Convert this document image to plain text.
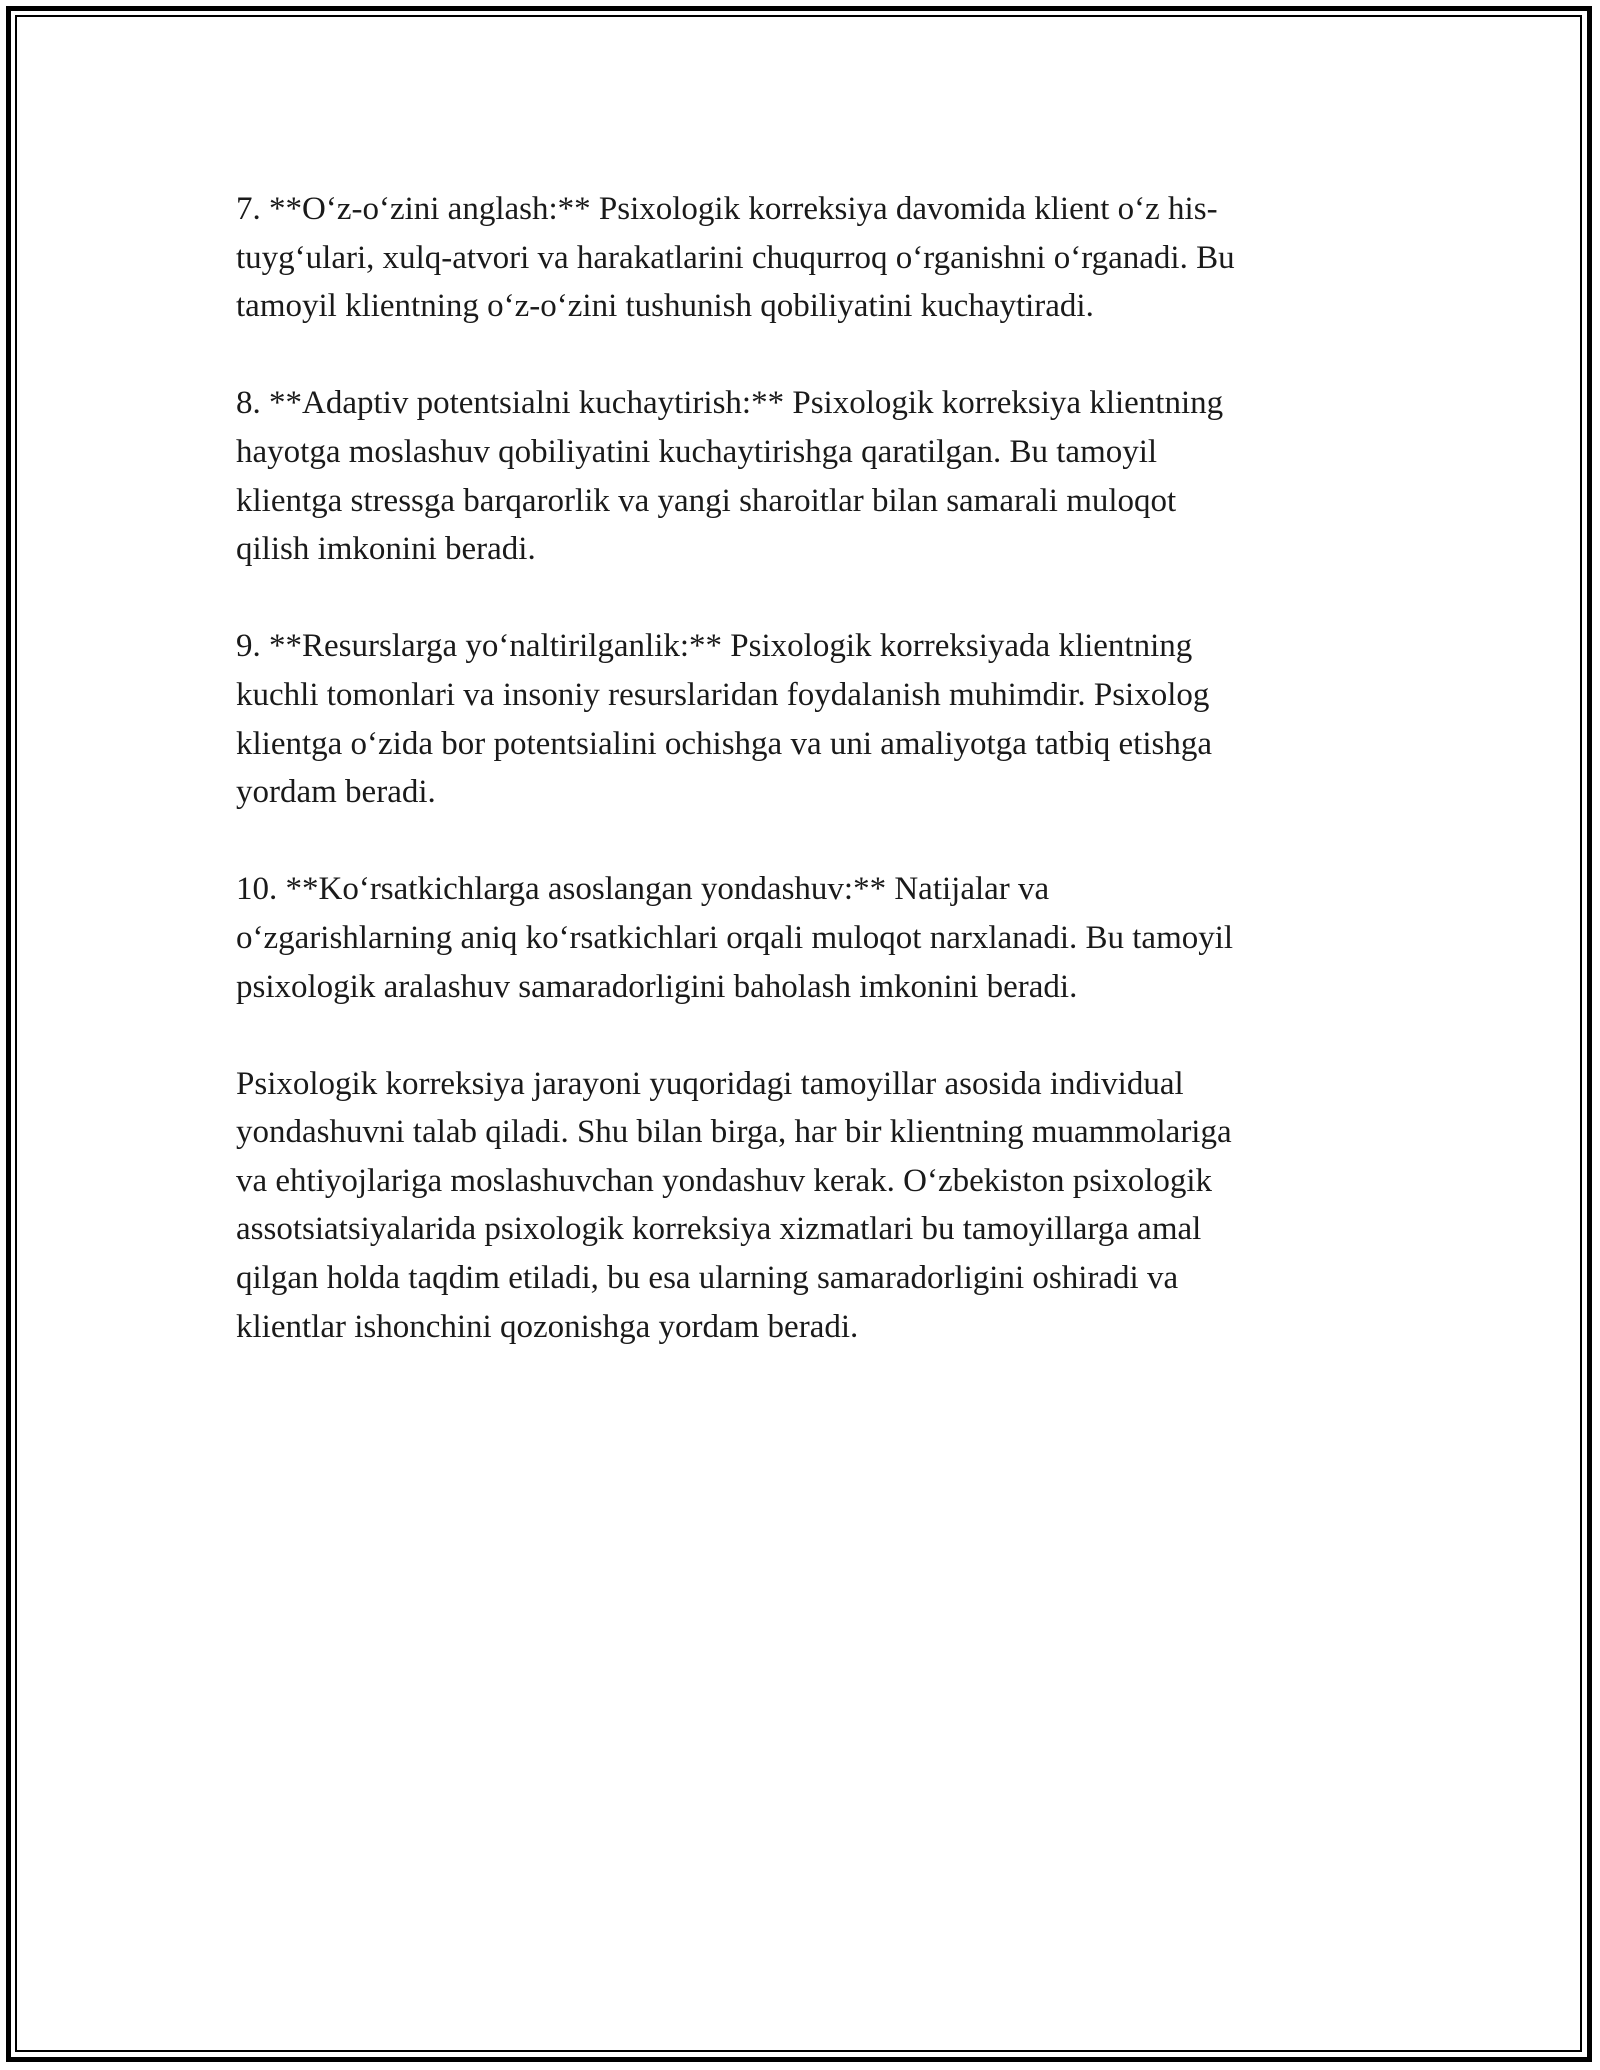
7. **O‘z-o‘zini anglash:** Psixologik korreksiya davomida klient o‘z his-
tuyg‘ulari, xulq-atvori va harakatlarini chuqurroq o‘rganishni o‘rganadi. Bu
tamoyil klientning o‘z-o‘zini tushunish qobiliyatini kuchaytiradi.
8. **Adaptiv potentsialni kuchaytirish:** Psixologik korreksiya klientning
hayotga moslashuv qobiliyatini kuchaytirishga qaratilgan. Bu tamoyil
klientga stressga barqarorlik va yangi sharoitlar bilan samarali muloqot
qilish imkonini beradi.
9. **Resurslarga yo‘naltirilganlik:** Psixologik korreksiyada klientning
kuchli tomonlari va insoniy resurslaridan foydalanish muhimdir. Psixolog
klientga o‘zida bor potentsialini ochishga va uni amaliyotga tatbiq etishga
yordam beradi.
10. **Ko‘rsatkichlarga asoslangan yondashuv:** Natijalar va
o‘zgarishlarning aniq ko‘rsatkichlari orqali muloqot narxlanadi. Bu tamoyil
psixologik aralashuv samaradorligini baholash imkonini beradi.
Psixologik korreksiya jarayoni yuqoridagi tamoyillar asosida individual
yondashuvni talab qiladi. Shu bilan birga, har bir klientning muammolariga
va ehtiyojlariga moslashuvchan yondashuv kerak. O‘zbekiston psixologik
assotsiatsiyalarida psixologik korreksiya xizmatlari bu tamoyillarga amal
qilgan holda taqdim etiladi, bu esa ularning samaradorligini oshiradi va
klientlar ishonchini qozonishga yordam beradi.
